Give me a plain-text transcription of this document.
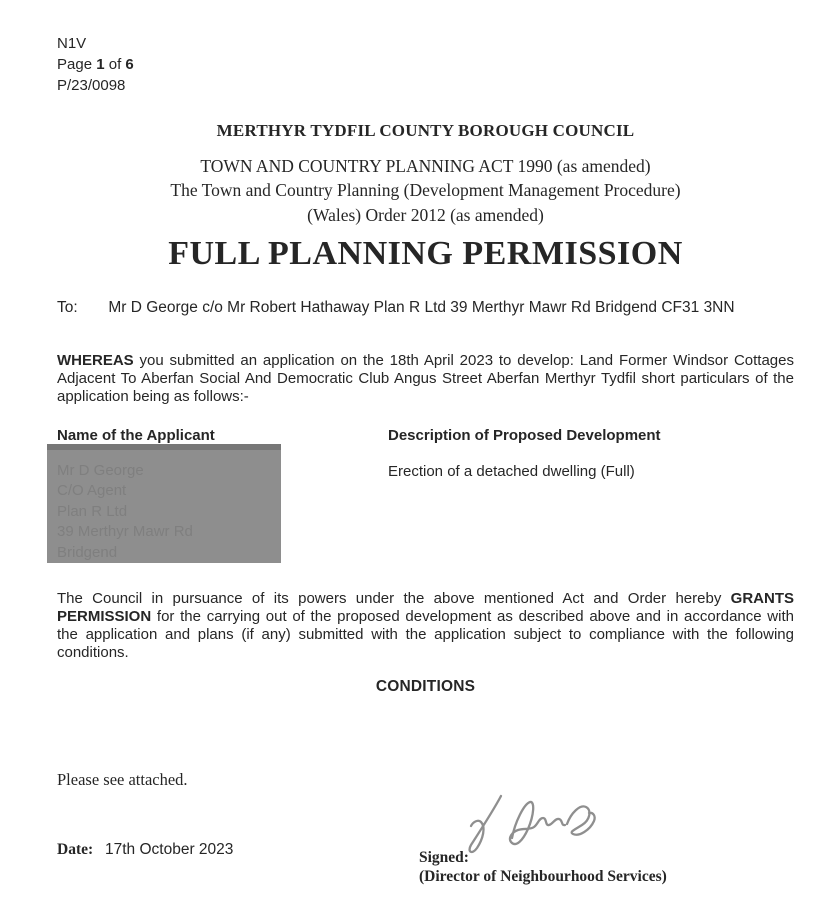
N1V
Page 1 of 6
P/23/0098
MERTHYR TYDFIL COUNTY BOROUGH COUNCIL
TOWN AND COUNTRY PLANNING ACT 1990 (as amended)
The Town and Country Planning (Development Management Procedure)
(Wales) Order 2012 (as amended)
FULL PLANNING PERMISSION
To: Mr D George c/o Mr Robert Hathaway Plan R Ltd 39 Merthyr Mawr Rd Bridgend CF31 3NN
WHEREAS you submitted an application on the 18th April 2023 to develop: Land Former Windsor Cottages Adjacent To Aberfan Social And Democratic Club Angus Street Aberfan Merthyr Tydfil short particulars of the application being as follows:-
Name of the Applicant	Description of Proposed Development
Mr D George
C/O Agent
Plan R Ltd
39 Merthyr Mawr Rd
Bridgend
Erection of a detached dwelling (Full)
The Council in pursuance of its powers under the above mentioned Act and Order hereby GRANTS PERMISSION for the carrying out of the proposed development as described above and in accordance with the application and plans (if any) submitted with the application subject to compliance with the following conditions.
CONDITIONS
Please see attached.
Date: 17th October 2023	Signed:
(Director of Neighbourhood Services)
